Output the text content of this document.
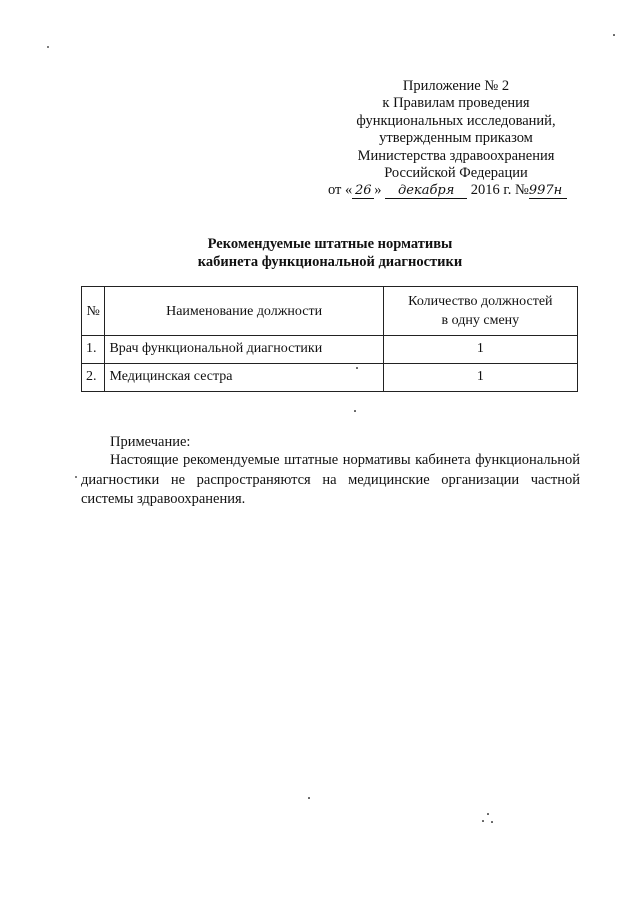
Приложение № 2
к Правилам проведения
функциональных исследований,
утвержденным приказом
Министерства здравоохранения
Российской Федерации
от « 26 » декабря 2016 г. №997н
Рекомендуемые штатные нормативы
кабинета функциональной диагностики
№	Наименование должности	Количество должностей
в одну смену
1.	Врач функциональной диагностики	1
2.	Медицинская сестра	1
Примечание:
Настоящие рекомендуемые штатные нормативы кабинета функциональной диагностики не распространяются на медицинские организации частной системы здравоохранения.
